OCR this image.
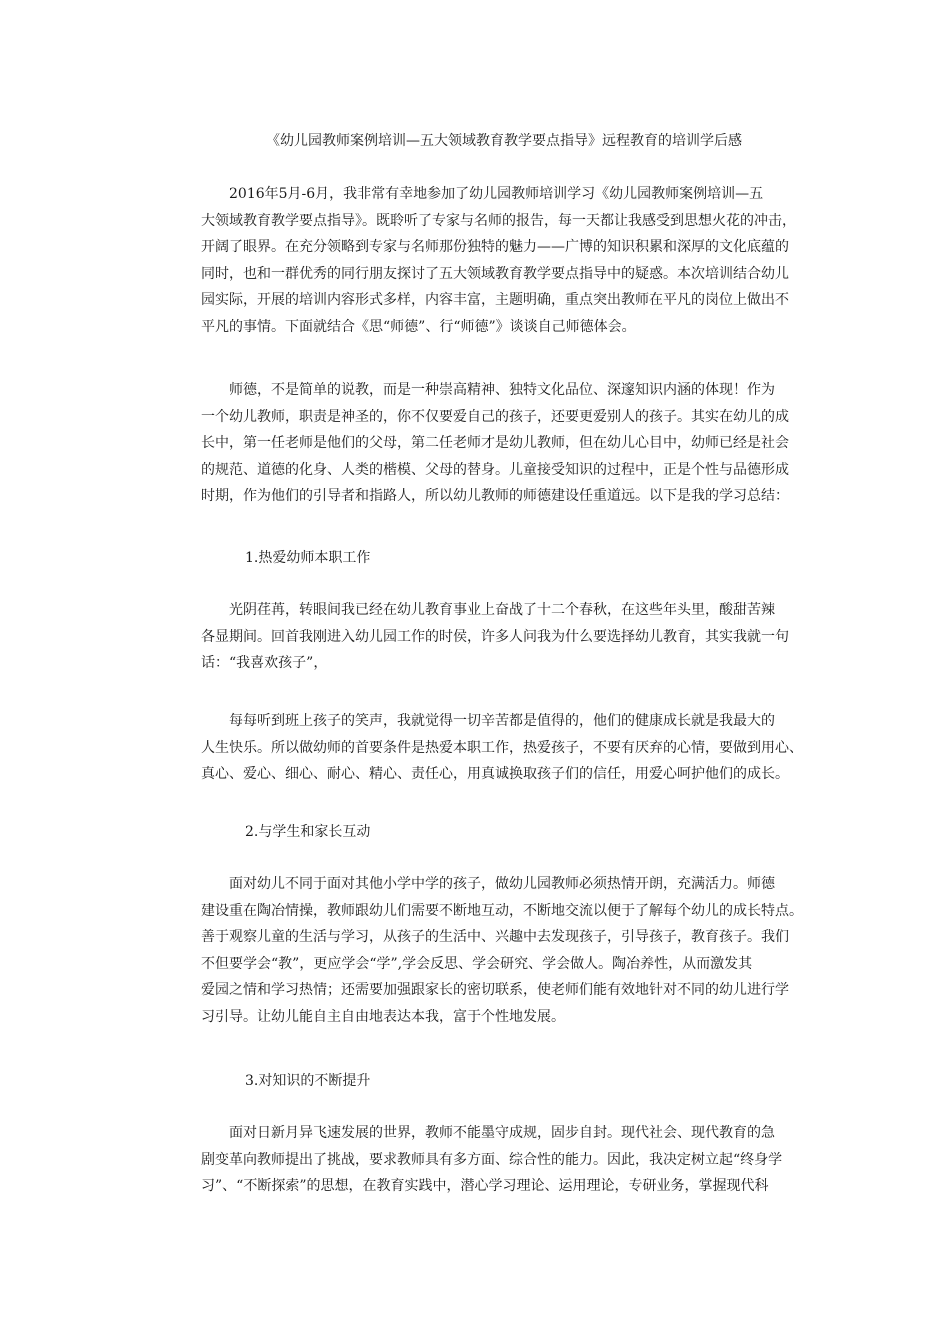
《幼儿园教师案例培训—五大领域教育教学要点指导》远程教育的培训学后感
　　2016年5月-6月，我非常有幸地参加了幼儿园教师培训学习《幼儿园教师案例培训—五
大领域教育教学要点指导》。既聆听了专家与名师的报告，每一天都让我感受到思想火花的冲击，
开阔了眼界。在充分领略到专家与名师那份独特的魅力——广博的知识积累和深厚的文化底蕴的
同时，也和一群优秀的同行朋友探讨了五大领域教育教学要点指导中的疑惑。本次培训结合幼儿
园实际，开展的培训内容形式多样，内容丰富，主题明确，重点突出教师在平凡的岗位上做出不
平凡的事情。下面就结合《思“师德”、行“师德”》谈谈自己师德体会。
　　师德，不是简单的说教，而是一种崇高精神、独特文化品位、深邃知识内涵的体现！作为
一个幼儿教师，职责是神圣的，你不仅要爱自己的孩子，还要更爱别人的孩子。其实在幼儿的成
长中，第一任老师是他们的父母，第二任老师才是幼儿教师，但在幼儿心目中，幼师已经是社会
的规范、道德的化身、人类的楷模、父母的替身。儿童接受知识的过程中，正是个性与品德形成
时期，作为他们的引导者和指路人，所以幼儿教师的师德建设任重道远。以下是我的学习总结：
1.热爱幼师本职工作
　　光阴荏苒，转眼间我已经在幼儿教育事业上奋战了十二个春秋，在这些年头里，酸甜苦辣
各显期间。回首我刚进入幼儿园工作的时侯，许多人问我为什么要选择幼儿教育，其实我就一句
话：“我喜欢孩子”，
　　每每听到班上孩子的笑声，我就觉得一切辛苦都是值得的，他们的健康成长就是我最大的
人生快乐。所以做幼师的首要条件是热爱本职工作，热爱孩子，不要有厌弃的心情，要做到用心、
真心、爱心、细心、耐心、精心、责任心，用真诚换取孩子们的信任，用爱心呵护他们的成长。
2.与学生和家长互动
　　面对幼儿不同于面对其他小学中学的孩子，做幼儿园教师必须热情开朗，充满活力。师德
建设重在陶冶情操，教师跟幼儿们需要不断地互动，不断地交流以便于了解每个幼儿的成长特点。
善于观察儿童的生活与学习，从孩子的生活中、兴趣中去发现孩子，引导孩子，教育孩子。我们
不但要学会“教”，更应学会“学”,学会反思、学会研究、学会做人。陶冶养性，从而激发其
爱园之情和学习热情；还需要加强跟家长的密切联系，使老师们能有效地针对不同的幼儿进行学
习引导。让幼儿能自主自由地表达本我，富于个性地发展。
3.对知识的不断提升
　　面对日新月异飞速发展的世界，教师不能墨守成规，固步自封。现代社会、现代教育的急
剧变革向教师提出了挑战，要求教师具有多方面、综合性的能力。因此，我决定树立起“终身学
习”、“不断探索”的思想，在教育实践中，潜心学习理论、运用理论，专研业务，掌握现代科
